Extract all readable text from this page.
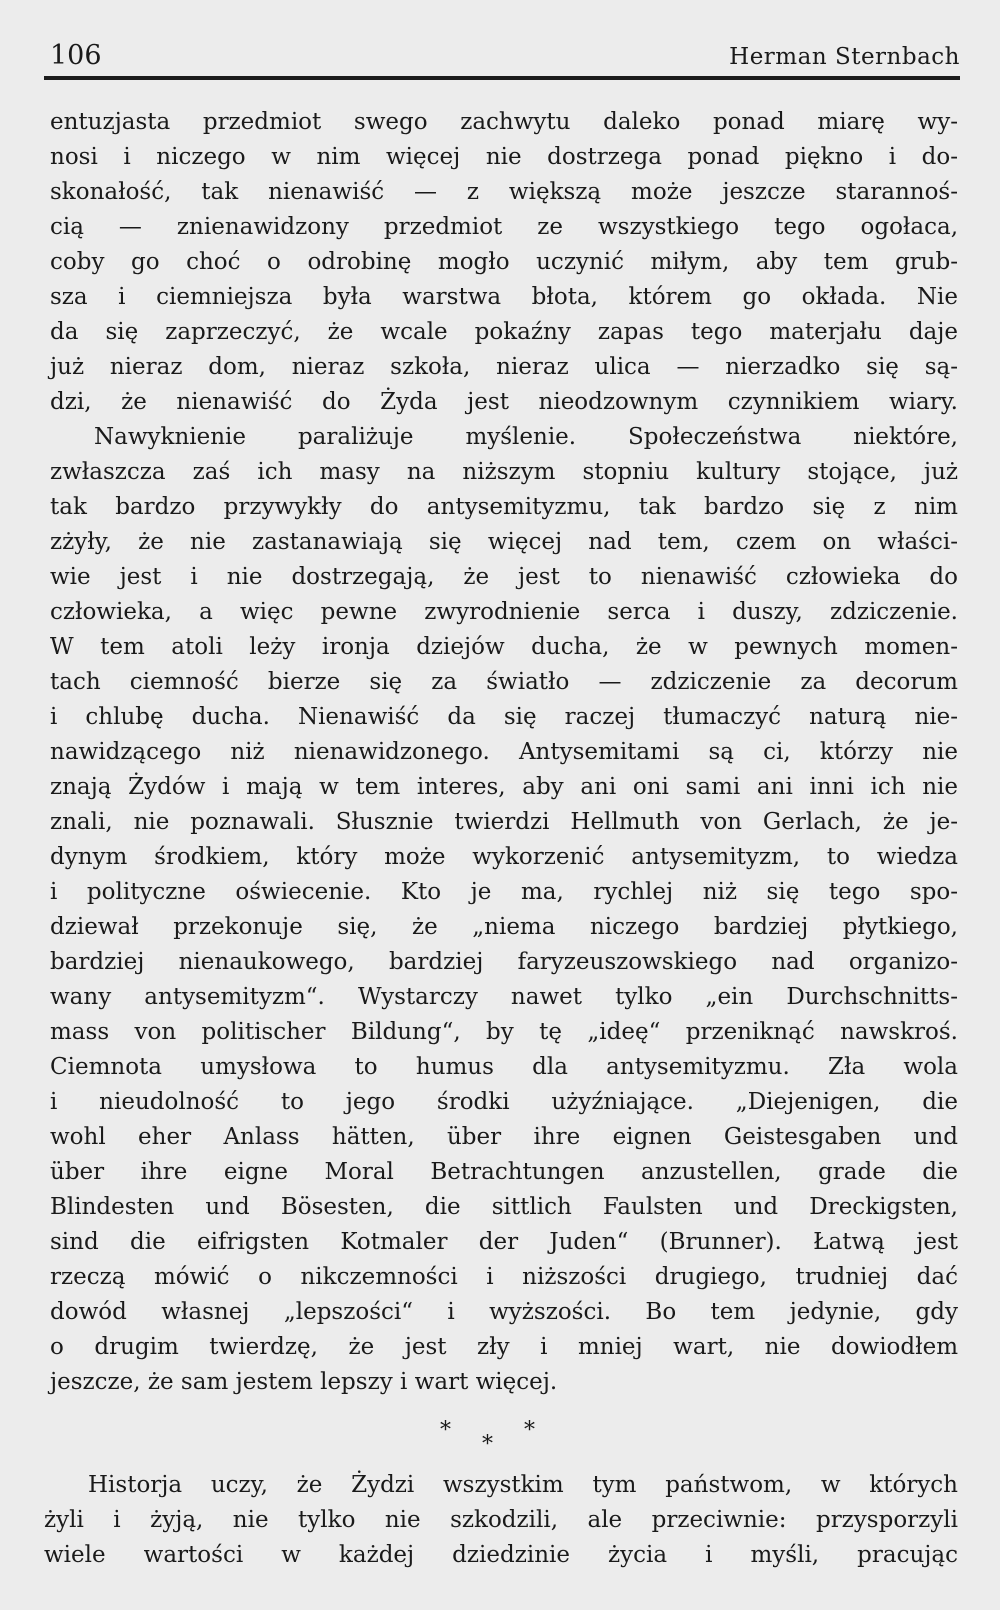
106	Herman Sternbach
entuzjasta przedmiot swego zachwytu daleko ponad miarę wy-
nosi i niczego w nim więcej nie dostrzega ponad piękno i do-
skonałość, tak nienawiść — z większą może jeszcze starannoś-
cią — znienawidzony przedmiot ze wszystkiego tego ogołaca,
coby go choć o odrobinę mogło uczynić miłym, aby tem grub-
sza i ciemniejsza była warstwa błota, którem go okłada. Nie
da się zaprzeczyć, że wcale pokaźny zapas tego materjału daje
już nieraz dom, nieraz szkoła, nieraz ulica — nierzadko się są-
dzi, że nienawiść do Żyda jest nieodzownym czynnikiem wiary.
Nawyknienie paraliżuje myślenie. Społeczeństwa niektóre,
zwłaszcza zaś ich masy na niższym stopniu kultury stojące, już
tak bardzo przywykły do antysemityzmu, tak bardzo się z nim
zżyły, że nie zastanawiają się więcej nad tem, czem on właści-
wie jest i nie dostrzegają, że jest to nienawiść człowieka do
człowieka, a więc pewne zwyrodnienie serca i duszy, zdziczenie.
W tem atoli leży ironja dziejów ducha, że w pewnych momen-
tach ciemność bierze się za światło — zdziczenie za decorum
i chlubę ducha. Nienawiść da się raczej tłumaczyć naturą nie-
nawidzącego niż nienawidzonego. Antysemitami są ci, którzy nie
znają Żydów i mają w tem interes, aby ani oni sami ani inni ich nie
znali, nie poznawali. Słusznie twierdzi Hellmuth von Gerlach, że je-
dynym środkiem, który może wykorzenić antysemityzm, to wiedza
i polityczne oświecenie. Kto je ma, rychlej niż się tego spo-
dziewał przekonuje się, że „niema niczego bardziej płytkiego,
bardziej nienaukowego, bardziej faryzeuszowskiego nad organizo-
wany antysemityzm“. Wystarczy nawet tylko „ein Durchschnitts-
mass von politischer Bildung“, by tę „ideę“ przeniknąć nawskroś.
Ciemnota umysłowa to humus dla antysemityzmu. Zła wola
i nieudolność to jego środki użyźniające. „Diejenigen, die
wohl eher Anlass hätten, über ihre eignen Geistesgaben und
über ihre eigne Moral Betrachtungen anzustellen, grade die
Blindesten und Bösesten, die sittlich Faulsten und Dreckigsten,
sind die eifrigsten Kotmaler der Juden“ (Brunner). Łatwą jest
rzeczą mówić o nikczemności i niższości drugiego, trudniej dać
dowód własnej „lepszości“ i wyższości. Bo tem jedynie, gdy
o drugim twierdzę, że jest zły i mniej wart, nie dowiodłem
jeszcze, że sam jestem lepszy i wart więcej.
*
*
*
Historja uczy, że Żydzi wszystkim tym państwom, w których
żyli i żyją, nie tylko nie szkodzili, ale przeciwnie: przysporzyli
wiele wartości w każdej dziedzinie życia i myśli, pracując
